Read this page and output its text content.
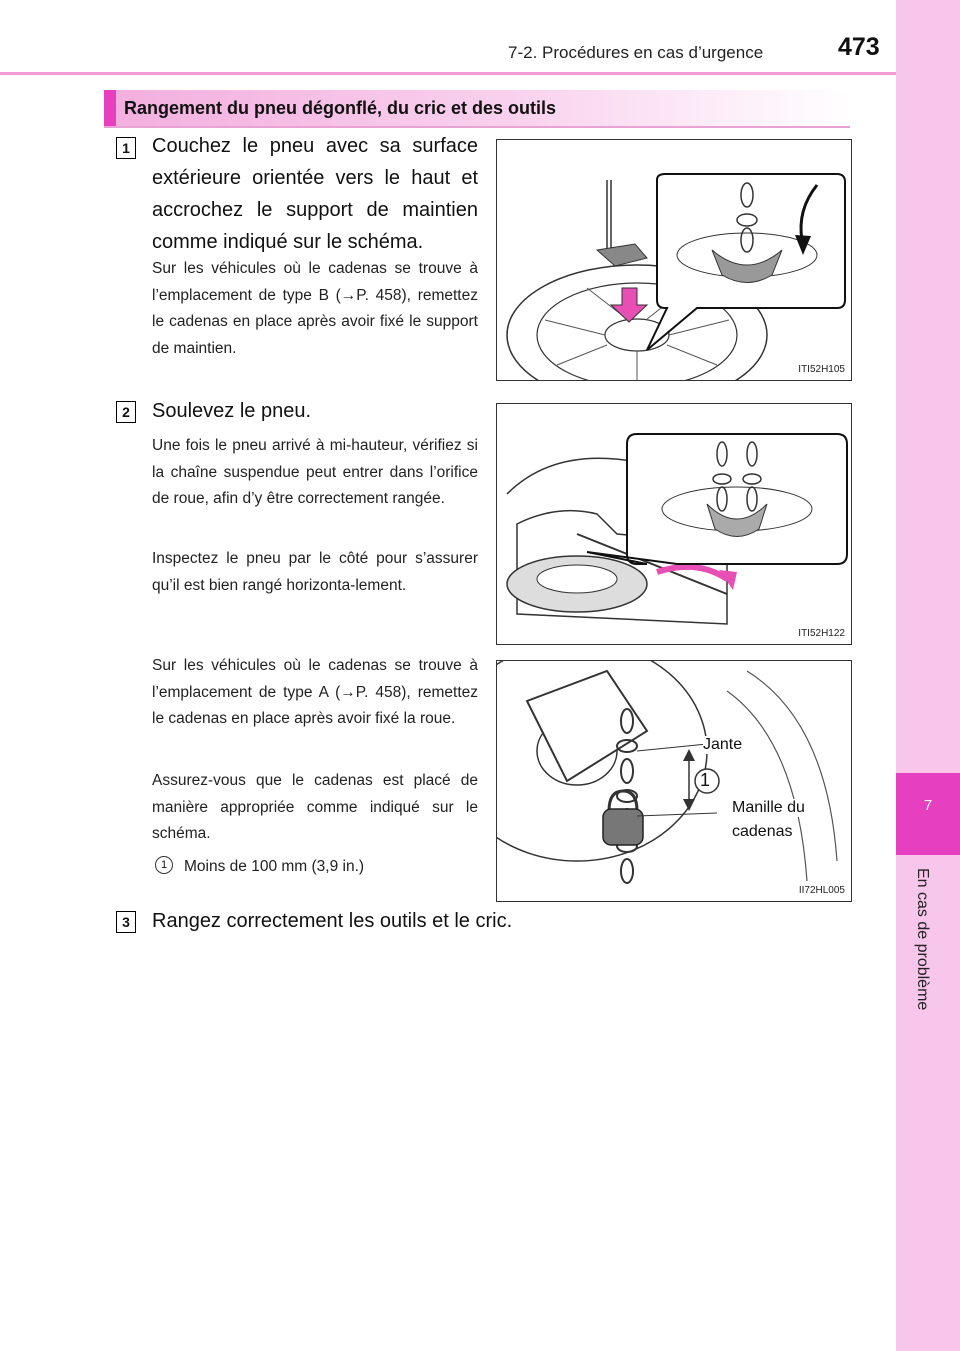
7-2. Procédures en cas d’urgence	473
7
En cas de problème
Rangement du pneu dégonflé, du cric et des outils
1	Couchez le pneu avec sa surface extérieure orientée vers le haut et accrochez le support de maintien comme indiqué sur le schéma.
Sur les véhicules où le cadenas se trouve à l’emplacement de type B (→P. 458), remettez le cadenas en place après avoir fixé le support de maintien.
ITI52H105
2	Soulevez le pneu.
Une fois le pneu arrivé à mi-hauteur, vérifiez si la chaîne suspendue peut entrer dans l’orifice de roue, afin d’y être correctement rangée.
Inspectez le pneu par le côté pour s’assurer qu’il est bien rangé horizonta-lement.
Sur les véhicules où le cadenas se trouve à l’emplacement de type A (→P. 458), remettez le cadenas en place après avoir fixé la roue.
Assurez-vous que le cadenas est placé de manière appropriée comme indiqué sur le schéma.
1	Moins de 100 mm (3,9 in.)
ITI52H122
Jante
1
Manille du
cadenas
II72HL005
3	Rangez correctement les outils et le cric.
